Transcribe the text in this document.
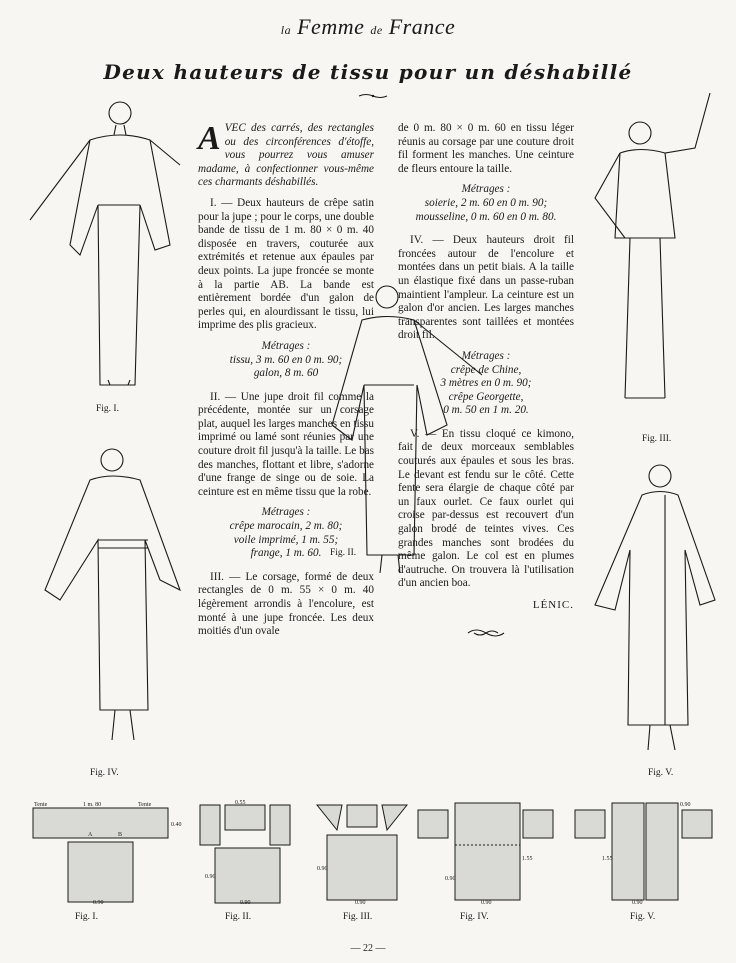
la Femme de France
Deux hauteurs de tissu pour un déshabillé

AVEC des carrés, des rectangles ou des circonférences d'étoffe, vous pourrez vous amuser madame, à confectionner vous-même ces charmants déshabillés.

I. — Deux hauteurs de crêpe satin pour la jupe ; pour le corps, une double bande de tissu de 1 m. 80 × 0 m. 40 disposée en travers, couturée aux extrémités et retenue aux épaules par deux points. La jupe froncée se monte à la partie AB. La bande est entièrement bordée d'un galon de perles qui, en alourdissant le tissu, lui imprime des plis gracieux.

Métrages :
tissu, 3 m. 60 en 0 m. 90;
galon, 8 m. 60

II. — Une jupe droit fil comme la précédente, montée sur un corsage plat, auquel les larges manches en tissu imprimé ou lamé sont réunies par une couture droit fil jusqu'à la taille. Le bas des manches, flottant et libre, s'adorne d'une frange de singe ou de soie. La ceinture est en même tissu que la robe.

Métrages :
crêpe marocain, 2 m. 80;
voile imprimé, 1 m. 55;
frange, 1 m. 60.

III. — Le corsage, formé de deux rectangles de 0 m. 55 × 0 m. 40 légèrement arrondis à l'encolure, est monté à une jupe froncée. Les deux moitiés d'un ovale

de 0 m. 80 × 0 m. 60 en tissu léger réunis au corsage par une couture droit fil forment les manches. Une ceinture de fleurs entoure la taille.

Métrages :
soierie, 2 m. 60 en 0 m. 90;
mousseline, 0 m. 60 en 0 m. 80.

IV. — Deux hauteurs droit fil froncées autour de l'encolure et montées dans un petit biais. A la taille un élastique fixé dans un passe-ruban maintient l'ampleur. La ceinture est un galon d'or ancien. Les larges manches transparentes sont taillées et montées droit fil.

Métrages :
crêpe de Chine,
3 mètres en 0 m. 90;
crêpe Georgette,
0 m. 50 en 1 m. 20.

V. — En tissu cloqué ce kimono, fait de deux morceaux semblables couturés aux épaules et sous les bras. Le devant est fendu sur le côté. Cette fente sera élargie de chaque côté par un faux ourlet. Ce faux ourlet qui croise par-dessus est recouvert d'un galon brodé de teintes vives. Ces grandes manches sont brodées du même galon. Le col est en plumes d'autruche. On trouvera là l'utilisation d'un ancien boa.

LÉNIC.
Fig. I.
Fig. III.
Fig. IV.
Fig. II.
Fig. V.
1 m. 80
Tente	Tente
0.40
A	B
0.90
Fig. I.
0.55
0.90
0.90
Fig. II.
0.90
0.90
Fig. III.
0.90
1.55
0.90
Fig. IV.
0.90
1.55
0.90
Fig. V.
— 22 —
